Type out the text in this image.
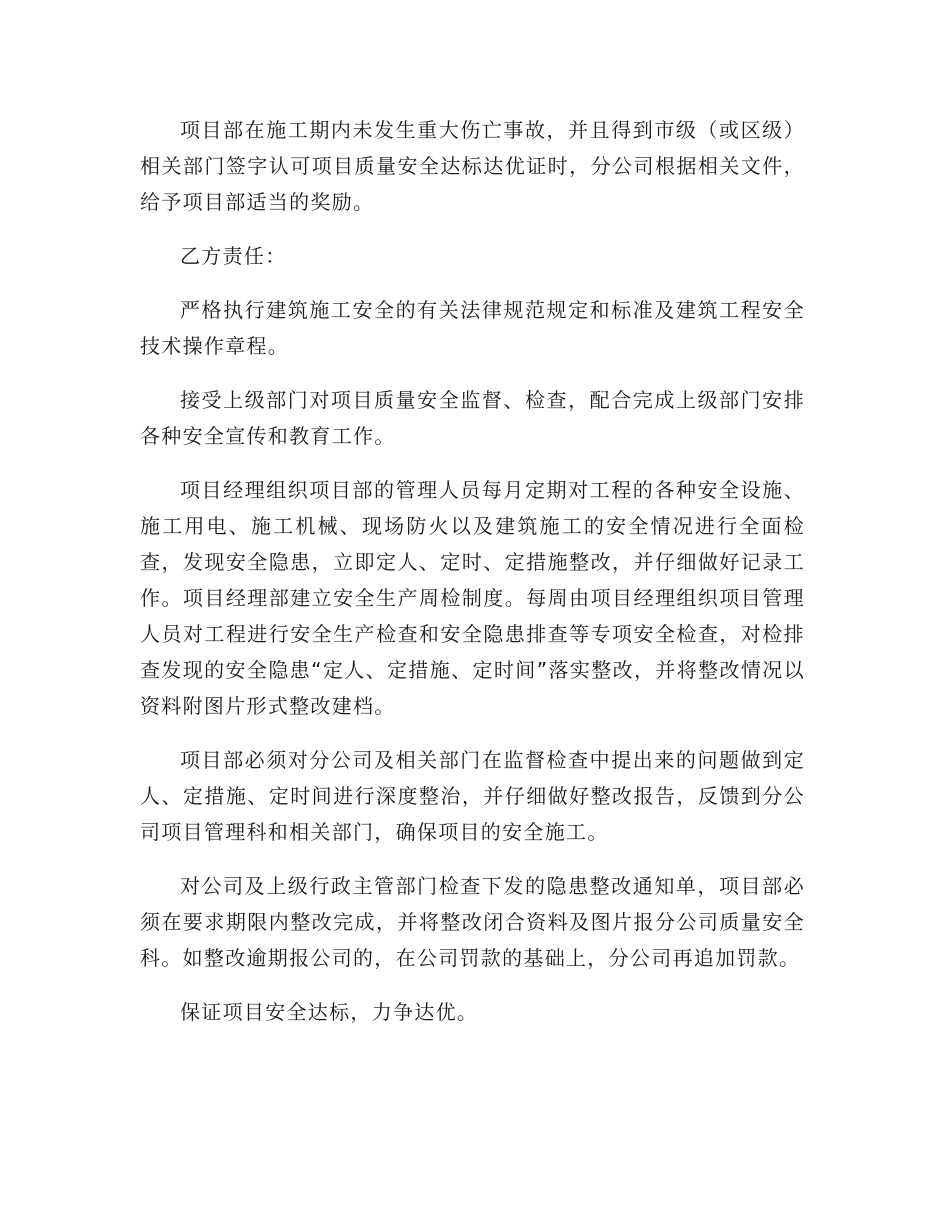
项目部在施工期内未发生重大伤亡事故，并且得到市级（或区级）相关部门签字认可项目质量安全达标达优证时，分公司根据相关文件，给予项目部适当的奖励。

乙方责任：

严格执行建筑施工安全的有关法律规范规定和标准及建筑工程安全技术操作章程。

接受上级部门对项目质量安全监督、检查，配合完成上级部门安排各种安全宣传和教育工作。

项目经理组织项目部的管理人员每月定期对工程的各种安全设施、施工用电、施工机械、现场防火以及建筑施工的安全情况进行全面检查，发现安全隐患，立即定人、定时、定措施整改，并仔细做好记录工作。项目经理部建立安全生产周检制度。每周由项目经理组织项目管理人员对工程进行安全生产检查和安全隐患排查等专项安全检查，对检排查发现的安全隐患“定人、定措施、定时间”落实整改，并将整改情况以资料附图片形式整改建档。

项目部必须对分公司及相关部门在监督检查中提出来的问题做到定人、定措施、定时间进行深度整治，并仔细做好整改报告，反馈到分公司项目管理科和相关部门，确保项目的安全施工。

对公司及上级行政主管部门检查下发的隐患整改通知单，项目部必须在要求期限内整改完成，并将整改闭合资料及图片报分公司质量安全科。如整改逾期报公司的，在公司罚款的基础上，分公司再追加罚款。

保证项目安全达标，力争达优。
